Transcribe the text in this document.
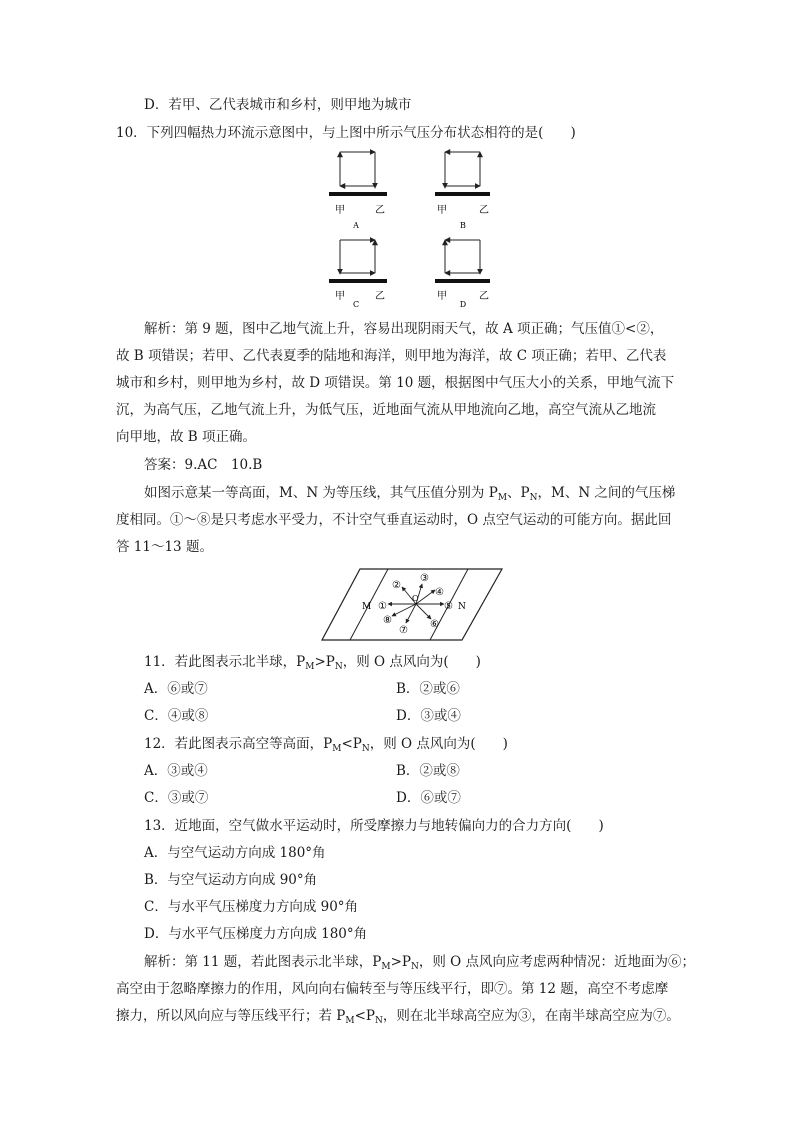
D．若甲、乙代表城市和乡村，则甲地为城市
10．下列四幅热力环流示意图中，与上图中所示气压分布状态相符的是(　　)
甲	乙
A
甲	乙
B
甲	乙
C
甲	乙
D
解析：第 9 题，图中乙地气流上升，容易出现阴雨天气，故 A 项正确；气压值①<②，
故 B 项错误；若甲、乙代表夏季的陆地和海洋，则甲地为海洋，故 C 项正确；若甲、乙代表
城市和乡村，则甲地为乡村，故 D 项错误。第 10 题，根据图中气压大小的关系，甲地气流下
沉，为高气压，乙地气流上升，为低气压，近地面气流从甲地流向乙地，高空气流从乙地流
向甲地，故 B 项正确。
答案：9.AC　10.B
如图示意某一等高面，M、N 为等压线，其气压值分别为 $P_M$、$P_N$，M、N 之间的气压梯
度相同。①～⑧是只考虑水平受力，不计空气垂直运动时，O 点空气运动的可能方向。据此回
答 11～13 题。
M	N
O
①
②
③
④
⑤
⑥
⑦
⑧
11．若此图表示北半球，$P_M>P_N$，则 O 点风向为(　　)
A．⑥或⑦	B．②或⑥
C．④或⑧	D．③或④
12．若此图表示高空等高面，$P_M<P_N$，则 O 点风向为(　　)
A．③或④	B．②或⑧
C．③或⑦	D．⑥或⑦
13．近地面，空气做水平运动时，所受摩擦力与地转偏向力的合力方向(　　)
A．与空气运动方向成 180°角
B．与空气运动方向成 90°角
C．与水平气压梯度力方向成 90°角
D．与水平气压梯度力方向成 180°角
解析：第 11 题，若此图表示北半球，$P_M>P_N$，则 O 点风向应考虑两种情况：近地面为⑥；
高空由于忽略摩擦力的作用，风向向右偏转至与等压线平行，即⑦。第 12 题，高空不考虑摩
擦力，所以风向应与等压线平行；若 $P_M<P_N$，则在北半球高空应为③，在南半球高空应为⑦。
